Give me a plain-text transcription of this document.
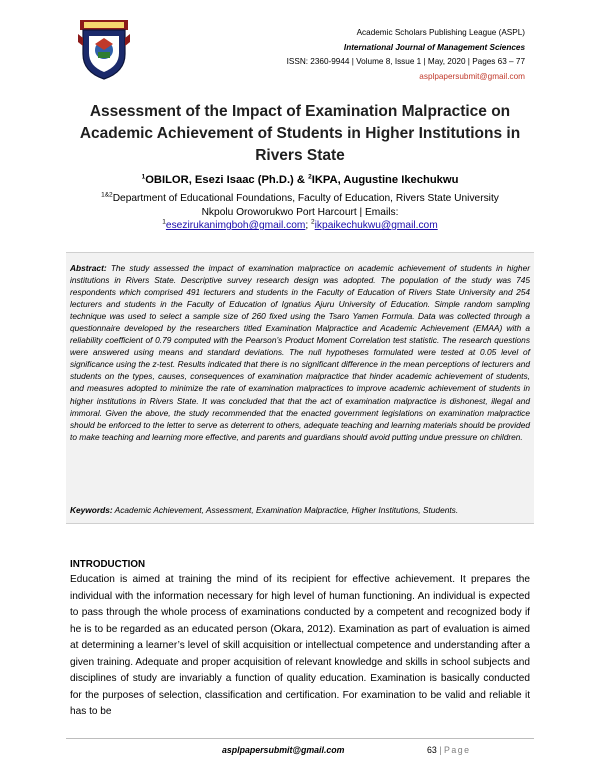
Academic Scholars Publishing League (ASPL)
International Journal of Management Sciences
ISSN: 2360-9944 | Volume 8, Issue 1 | May, 2020 | Pages 63 – 77
asplpapersubmit@gmail.com
Assessment of the Impact of Examination Malpractice on Academic Achievement of Students in Higher Institutions in Rivers State
$^1$OBILOR, Esezi Isaac (Ph.D.) & $^2$IKPA, Augustine Ikechukwu
$^{1\&2}$Department of Educational Foundations, Faculty of Education, Rivers State University
Nkpolu Oroworukwo Port Harcourt | Emails:
$^1$esezirukanimgboh@gmail.com; $^2$ikpaikechukwu@gmail.com
Abstract: The study assessed the impact of examination malpractice on academic achievement of students in higher institutions in Rivers State. Descriptive survey research design was adopted. The population of the study was 745 respondents which comprised 491 lecturers and students in the Faculty of Education of Rivers State University and 254 lecturers and students in the Faculty of Education of Ignatius Ajuru University of Education. Simple random sampling technique was used to select a sample size of 260 fixed using the Tsaro Yamen Formula. Data was collected through a questionnaire developed by the researchers titled Examination Malpractice and Academic Achievement (EMAA) with a reliability coefficient of 0.79 computed with the Pearson’s Product Moment Correlation test statistic. The research questions were answered using means and standard deviations. The null hypotheses formulated were tested at 0.05 level of significance using the z-test. Results indicated that there is no significant difference in the mean perceptions of lecturers and students on the types, causes, consequences of examination malpractice that hinder academic achievement of students, and measures adopted to minimize the rate of examination malpractices to improve academic achievement of students in higher institutions in Rivers State. It was concluded that that the act of examination malpractice is dishonest, illegal and immoral. Given the above, the study recommended that the enacted government legislations on examination malpractice should be enforced to the letter to serve as deterrent to others, adequate teaching and learning materials should be provided to make teaching and learning more effective, and parents and guardians should avoid putting undue pressure on children.
Keywords: Academic Achievement, Assessment, Examination Malpractice, Higher Institutions, Students.
INTRODUCTION
Education is aimed at training the mind of its recipient for effective achievement. It prepares the individual with the information necessary for high level of human functioning. An individual is expected to pass through the whole process of examinations conducted by a competent and recognized body if he is to be regarded as an educated person (Okara, 2012). Examination as part of evaluation is aimed at determining a learner’s level of skill acquisition or intellectual competence and understanding after a given training. Adequate and proper acquisition of relevant knowledge and skills in school subjects and disciplines of study are invariably a function of quality education. Examination is basically conducted for the purposes of selection, classification and certification. For examination to be valid and reliable it has to be
asplpapersubmit@gmail.com	63 | Page
